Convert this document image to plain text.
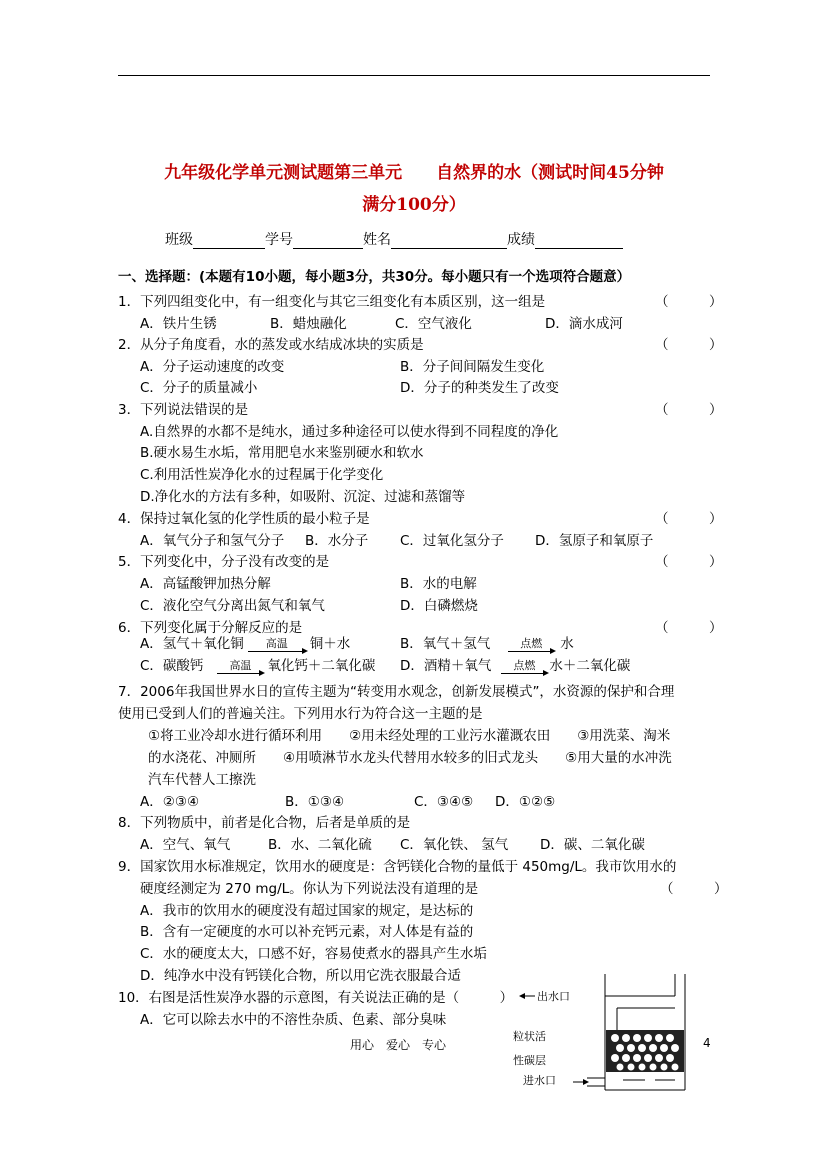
九年级化学单元测试题第三单元　　自然界的水（测试时间45分钟
满分100分）
班级	学号	姓名	成绩
一、选择题：(本题有10小题，每小题3分，共30分。每小题只有一个选项符合题意）
1．下列四组变化中，有一组变化与其它三组变化有本质区别，这一组是	（　　　）
A．铁片生锈	B．蜡烛融化	C．空气液化	D．滴水成河
2．从分子角度看，水的蒸发或水结成冰块的实质是	（　　　）
A．分子运动速度的改变	B．分子间间隔发生变化
C．分子的质量减小	D．分子的种类发生了改变
3．下列说法错误的是	（　　　）
A.自然界的水都不是纯水，通过多种途径可以使水得到不同程度的净化
B.硬水易生水垢，常用肥皂水来鉴别硬水和软水
C.利用活性炭净化水的过程属于化学变化
D.净化水的方法有多种，如吸附、沉淀、过滤和蒸馏等
4．保持过氧化氢的化学性质的最小粒子是	（　　　）
A．氧气分子和氢气分子 B．水分子 C．过氧化氢分子 D．氢原子和氧原子
5．下列变化中，分子没有改变的是	（　　　）
A．高锰酸钾加热分解	B．水的电解
C．液化空气分离出氮气和氧气	D．白磷燃烧
6．下列变化属于分解反应的是	（　　　）
A．氢气＋氧化铜	高温	铜＋水	B．氧气＋氢气	点燃	水
C．碳酸钙	高温	氧化钙＋二氧化碳 D．酒精＋氧气	点燃	水＋二氧化碳
7．2006年我国世界水日的宣传主题为“转变用水观念，创新发展模式”，水资源的保护和合理
使用已受到人们的普遍关注。下列用水行为符合这一主题的是
①将工业冷却水进行循环利用　　②用未经处理的工业污水灌溉农田　　③用洗菜、淘米
的水浇花、冲厕所　　④用喷淋节水龙头代替用水较多的旧式龙头　　⑤用大量的水冲洗
汽车代替人工擦洗
A．②③④	B．①③④	C．③④⑤ D．①②⑤
8．下列物质中，前者是化合物，后者是单质的是
A．空气、氧气	B．水、二氧化硫 C．氧化铁、 氢气 D．碳、二氧化碳
9．国家饮用水标准规定，饮用水的硬度是：含钙镁化合物的量低于 450mg/L。我市饮用水的
硬度经测定为 270 mg/L。你认为下列说法没有道理的是	（　　　）
A．我市的饮用水的硬度没有超过国家的规定，是达标的
B．含有一定硬度的水可以补充钙元素，对人体是有益的
C．水的硬度太大，口感不好，容易使煮水的器具产生水垢
D．纯净水中没有钙镁化合物，所以用它洗衣服最合适
10．右图是活性炭净水器的示意图，有关说法正确的是（　　　）
A．它可以除去水中的不溶性杂质、色素、部分臭味
出水口
粒状活
性碳层
进水口
用心　爱心　专心	4
